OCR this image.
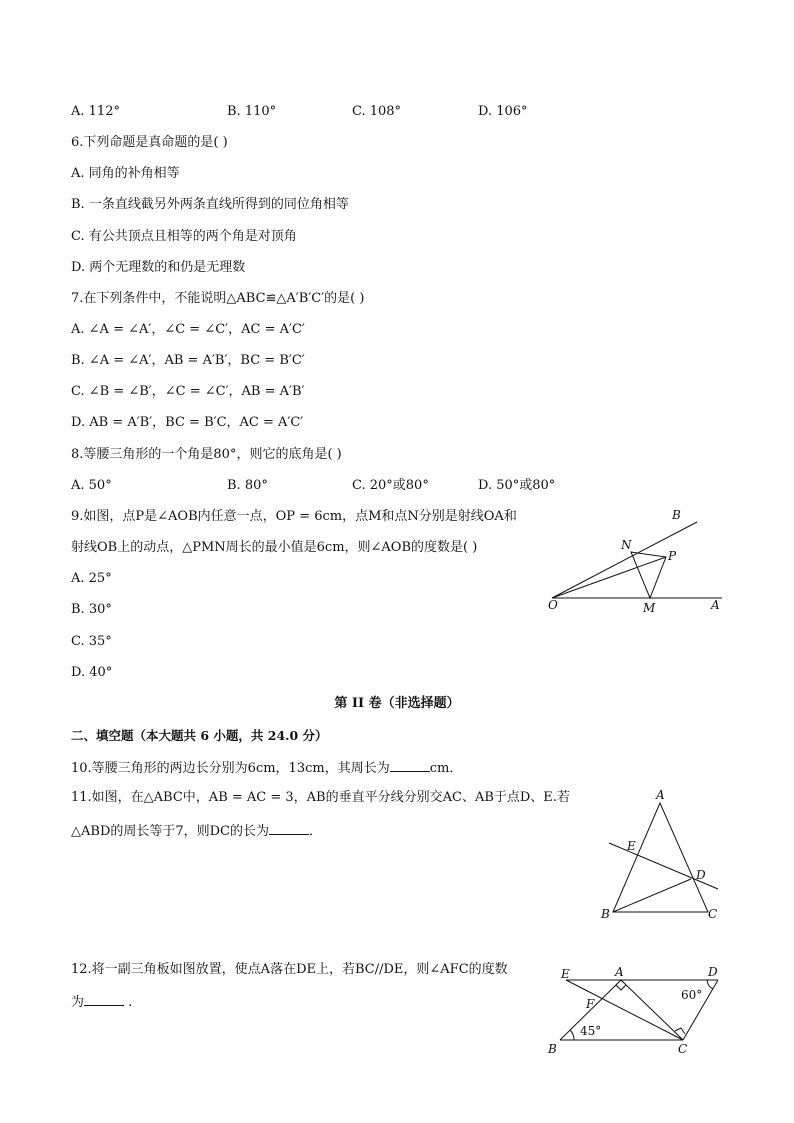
A. 112°	B. 110°	C. 108°	D. 106°
6.下列命题是真命题的是( )
A. 同角的补角相等
B. 一条直线截另外两条直线所得到的同位角相等
C. 有公共顶点且相等的两个角是对顶角
D. 两个无理数的和仍是无理数
7.在下列条件中，不能说明△ABC≌△A′B′C′的是( )
A. ∠A = ∠A′，∠C = ∠C′，AC = A′C′
B. ∠A = ∠A′，AB = A′B′，BC = B′C′
C. ∠B = ∠B′，∠C = ∠C′，AB = A′B′
D. AB = A′B′，BC = B′C，AC = A′C′
8.等腰三角形的一个角是80°，则它的底角是( )
A. 50°	B. 80°	C. 20°或80°	D. 50°或80°
9.如图，点P是∠AOB内任意一点，OP = 6cm，点M和点N分别是射线OA和
射线OB上的动点，△PMN周长的最小值是6cm，则∠AOB的度数是( )
A. 25°
B. 30°
C. 35°
D. 40°
B
N
P
O	M	A
第 II 卷（非选择题）
二、填空题（本大题共 6 小题，共 24.0 分）
10.等腰三角形的两边长分别为6cm，13cm，其周长为	cm．
11.如图，在△ABC中，AB = AC = 3，AB的垂直平分线分别交AC、AB于点D、E.若
△ABD的周长等于7，则DC的长为	．
A
E
D
B	C
12.将一副三角板如图放置，使点A落在DE上，若BC//DE，则∠AFC的度数
为	.
E	A	D
F
B	C
60°
45°
